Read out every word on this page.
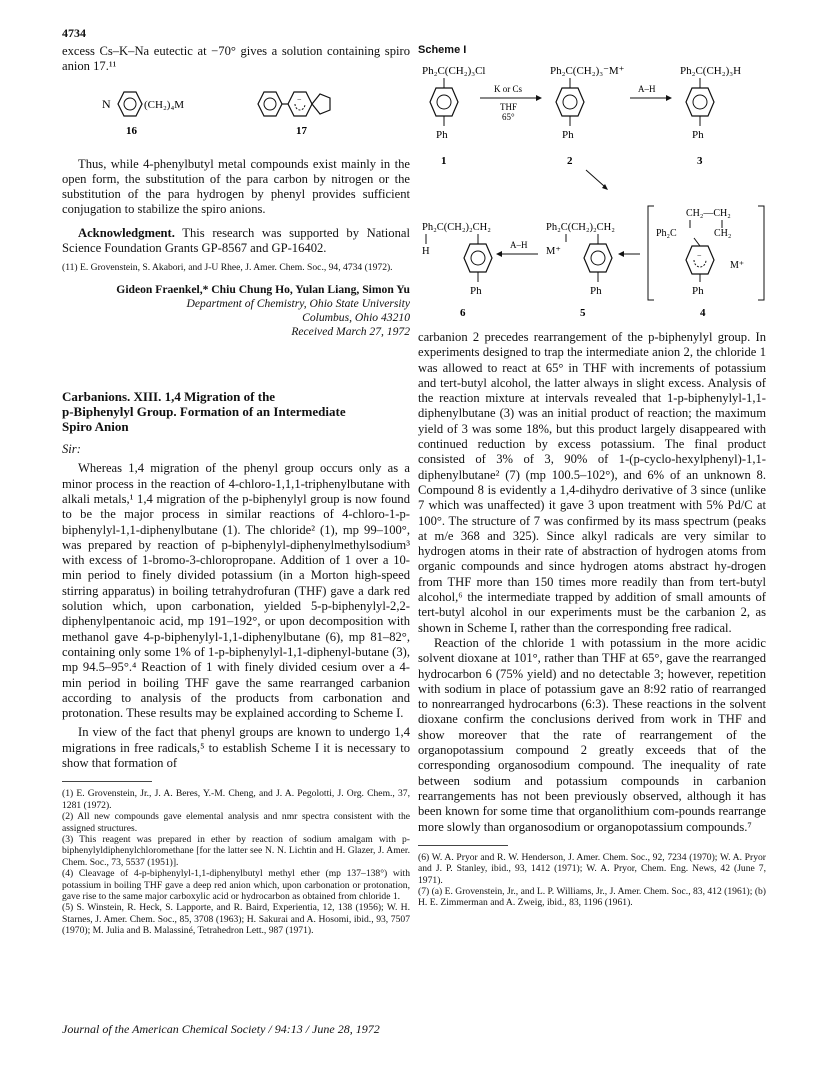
4734

excess Cs–K–Na eutectic at −70° gives a solution containing spiro anion 17.¹¹

Thus, while 4-phenylbutyl metal compounds exist mainly in the open form, the substitution of the para carbon by nitrogen or the substitution of the para hydrogen by phenyl provides sufficient conjugation to stabilize the spiro anions.

Acknowledgment. This research was supported by National Science Foundation Grants GP-8567 and GP-16402.

(11) E. Grovenstein, S. Akabori, and J-U Rhee, J. Amer. Chem. Soc., 94, 4734 (1972).

Gideon Fraenkel,* Chiu Chung Ho, Yulan Liang, Simon Yu
Department of Chemistry, Ohio State University
Columbus, Ohio 43210
Received March 27, 1972
Carbanions. XIII. 1,4 Migration of the
p-Biphenylyl Group. Formation of an Intermediate
Spiro Anion

Sir:

Whereas 1,4 migration of the phenyl group occurs only as a minor process in the reaction of 4-chloro-1,1,1-triphenylbutane with alkali metals,¹ 1,4 migration of the p-biphenylyl group is now found to be the major process in similar reactions of 4-chloro-1-p-biphenylyl-1,1-diphenylbutane (1). The chloride² (1), mp 99–100°, was prepared by reaction of p-biphenylyl-diphenylmethylsodium³ with excess of 1-bromo-3-chloropropane. Addition of 1 over a 10-min period to finely divided potassium (in a Morton high-speed stirring apparatus) in boiling tetrahydrofuran (THF) gave a dark red solution which, upon carbonation, yielded 5-p-biphenylyl-2,2-diphenylpentanoic acid, mp 191–192°, or upon decomposition with methanol gave 4-p-biphenylyl-1,1-diphenylbutane (6), mp 81–82°, containing only some 1% of 1-p-biphenylyl-1,1-diphenyl-butane (3), mp 94.5–95°.⁴ Reaction of 1 with finely divided cesium over a 4-min period in boiling THF gave the same rearranged carbanion according to analysis of the products from carbonation and protonation. These results may be explained according to Scheme I.

In view of the fact that phenyl groups are known to undergo 1,4 migrations in free radicals,⁵ to establish Scheme I it is necessary to show that formation of

(1) E. Grovenstein, Jr., J. A. Beres, Y.-M. Cheng, and J. A. Pegolotti, J. Org. Chem., 37, 1281 (1972).

(2) All new compounds gave elemental analysis and nmr spectra consistent with the assigned structures.

(3) This reagent was prepared in ether by reaction of sodium amalgam with p-biphenylyldiphenylchloromethane [for the latter see N. N. Lichtin and H. Glazer, J. Amer. Chem. Soc., 73, 5537 (1951)].

(4) Cleavage of 4-p-biphenylyl-1,1-diphenylbutyl methyl ether (mp 137–138°) with potassium in boiling THF gave a deep red anion which, upon carbonation or protonation, gave rise to the same major carboxylic acid or hydrocarbon as obtained from chloride 1.

(5) S. Winstein, R. Heck, S. Lapporte, and R. Baird, Experientia, 12, 138 (1956); W. H. Starnes, J. Amer. Chem. Soc., 85, 3708 (1963); H. Sakurai and A. Hosomi, ibid., 93, 7507 (1970); M. Julia and B. Malassiné, Tetrahedron Lett., 987 (1971).

N	(CH₂)₄M
16
−
17
Scheme I
Ph₂C(CH₂)₃Cl
Ph
1
K or Cs
THF
65°
Ph₂C(CH₂)₃⁻M⁺
Ph
2
A–H
Ph₂C(CH₂)₃H
Ph
3
Ph₂C(CH₂)₂CH₂
H
Ph
6
A–H
Ph₂C(CH₂)₂CH₂
M⁺
Ph
5
CH₂—CH₂
Ph₂C	CH₂
−
M⁺
Ph
4

carbanion 2 precedes rearrangement of the p-biphenylyl group. In experiments designed to trap the intermediate anion 2, the chloride 1 was allowed to react at 65° in THF with increments of potassium and tert-butyl alcohol, the latter always in slight excess. Analysis of the reaction mixture at intervals revealed that 1-p-biphenylyl-1,1-diphenylbutane (3) was an initial product of reaction; the maximum yield of 3 was some 18%, but this product largely disappeared with continued reduction by excess potassium. The final product consisted of 3% of 3, 90% of 1-(p-cyclo-hexylphenyl)-1,1-diphenylbutane² (7) (mp 100.5–102°), and 6% of an unknown 8. Compound 8 is evidently a 1,4-dihydro derivative of 3 since (unlike 7 which was unaffected) it gave 3 upon treatment with 5% Pd/C at 100°. The structure of 7 was confirmed by its mass spectrum (peaks at m/e 368 and 325). Since alkyl radicals are very similar to hydrogen atoms in their rate of abstraction of hydrogen atoms from organic compounds and since hydrogen atoms abstract hy-drogen from THF more than 150 times more readily than from tert-butyl alcohol,⁶ the intermediate trapped by addition of small amounts of tert-butyl alcohol in our experiments must be the carbanion 2, as shown in Scheme I, rather than the corresponding free radical.

Reaction of the chloride 1 with potassium in the more acidic solvent dioxane at 101°, rather than THF at 65°, gave the rearranged hydrocarbon 6 (75% yield) and no detectable 3; however, repetition with sodium in place of potassium gave an 8:92 ratio of rearranged to nonrearranged hydrocarbons (6:3). These reactions in the solvent dioxane confirm the conclusions derived from work in THF and show moreover that the rate of rearrangement of the organopotassium compound 2 greatly exceeds that of the corresponding organosodium compound. The inequality of rate between sodium and potassium compounds in carbanion rearrangements has not been previously observed, although it has been known for some time that organolithium com-pounds rearrange more slowly than organosodium or organopotassium compounds.⁷

(6) W. A. Pryor and R. W. Henderson, J. Amer. Chem. Soc., 92, 7234 (1970); W. A. Pryor and J. P. Stanley, ibid., 93, 1412 (1971); W. A. Pryor, Chem. Eng. News, 42 (June 7, 1971).

(7) (a) E. Grovenstein, Jr., and L. P. Williams, Jr., J. Amer. Chem. Soc., 83, 412 (1961); (b) H. E. Zimmerman and A. Zweig, ibid., 83, 1196 (1961).

Journal of the American Chemical Society / 94:13 / June 28, 1972
